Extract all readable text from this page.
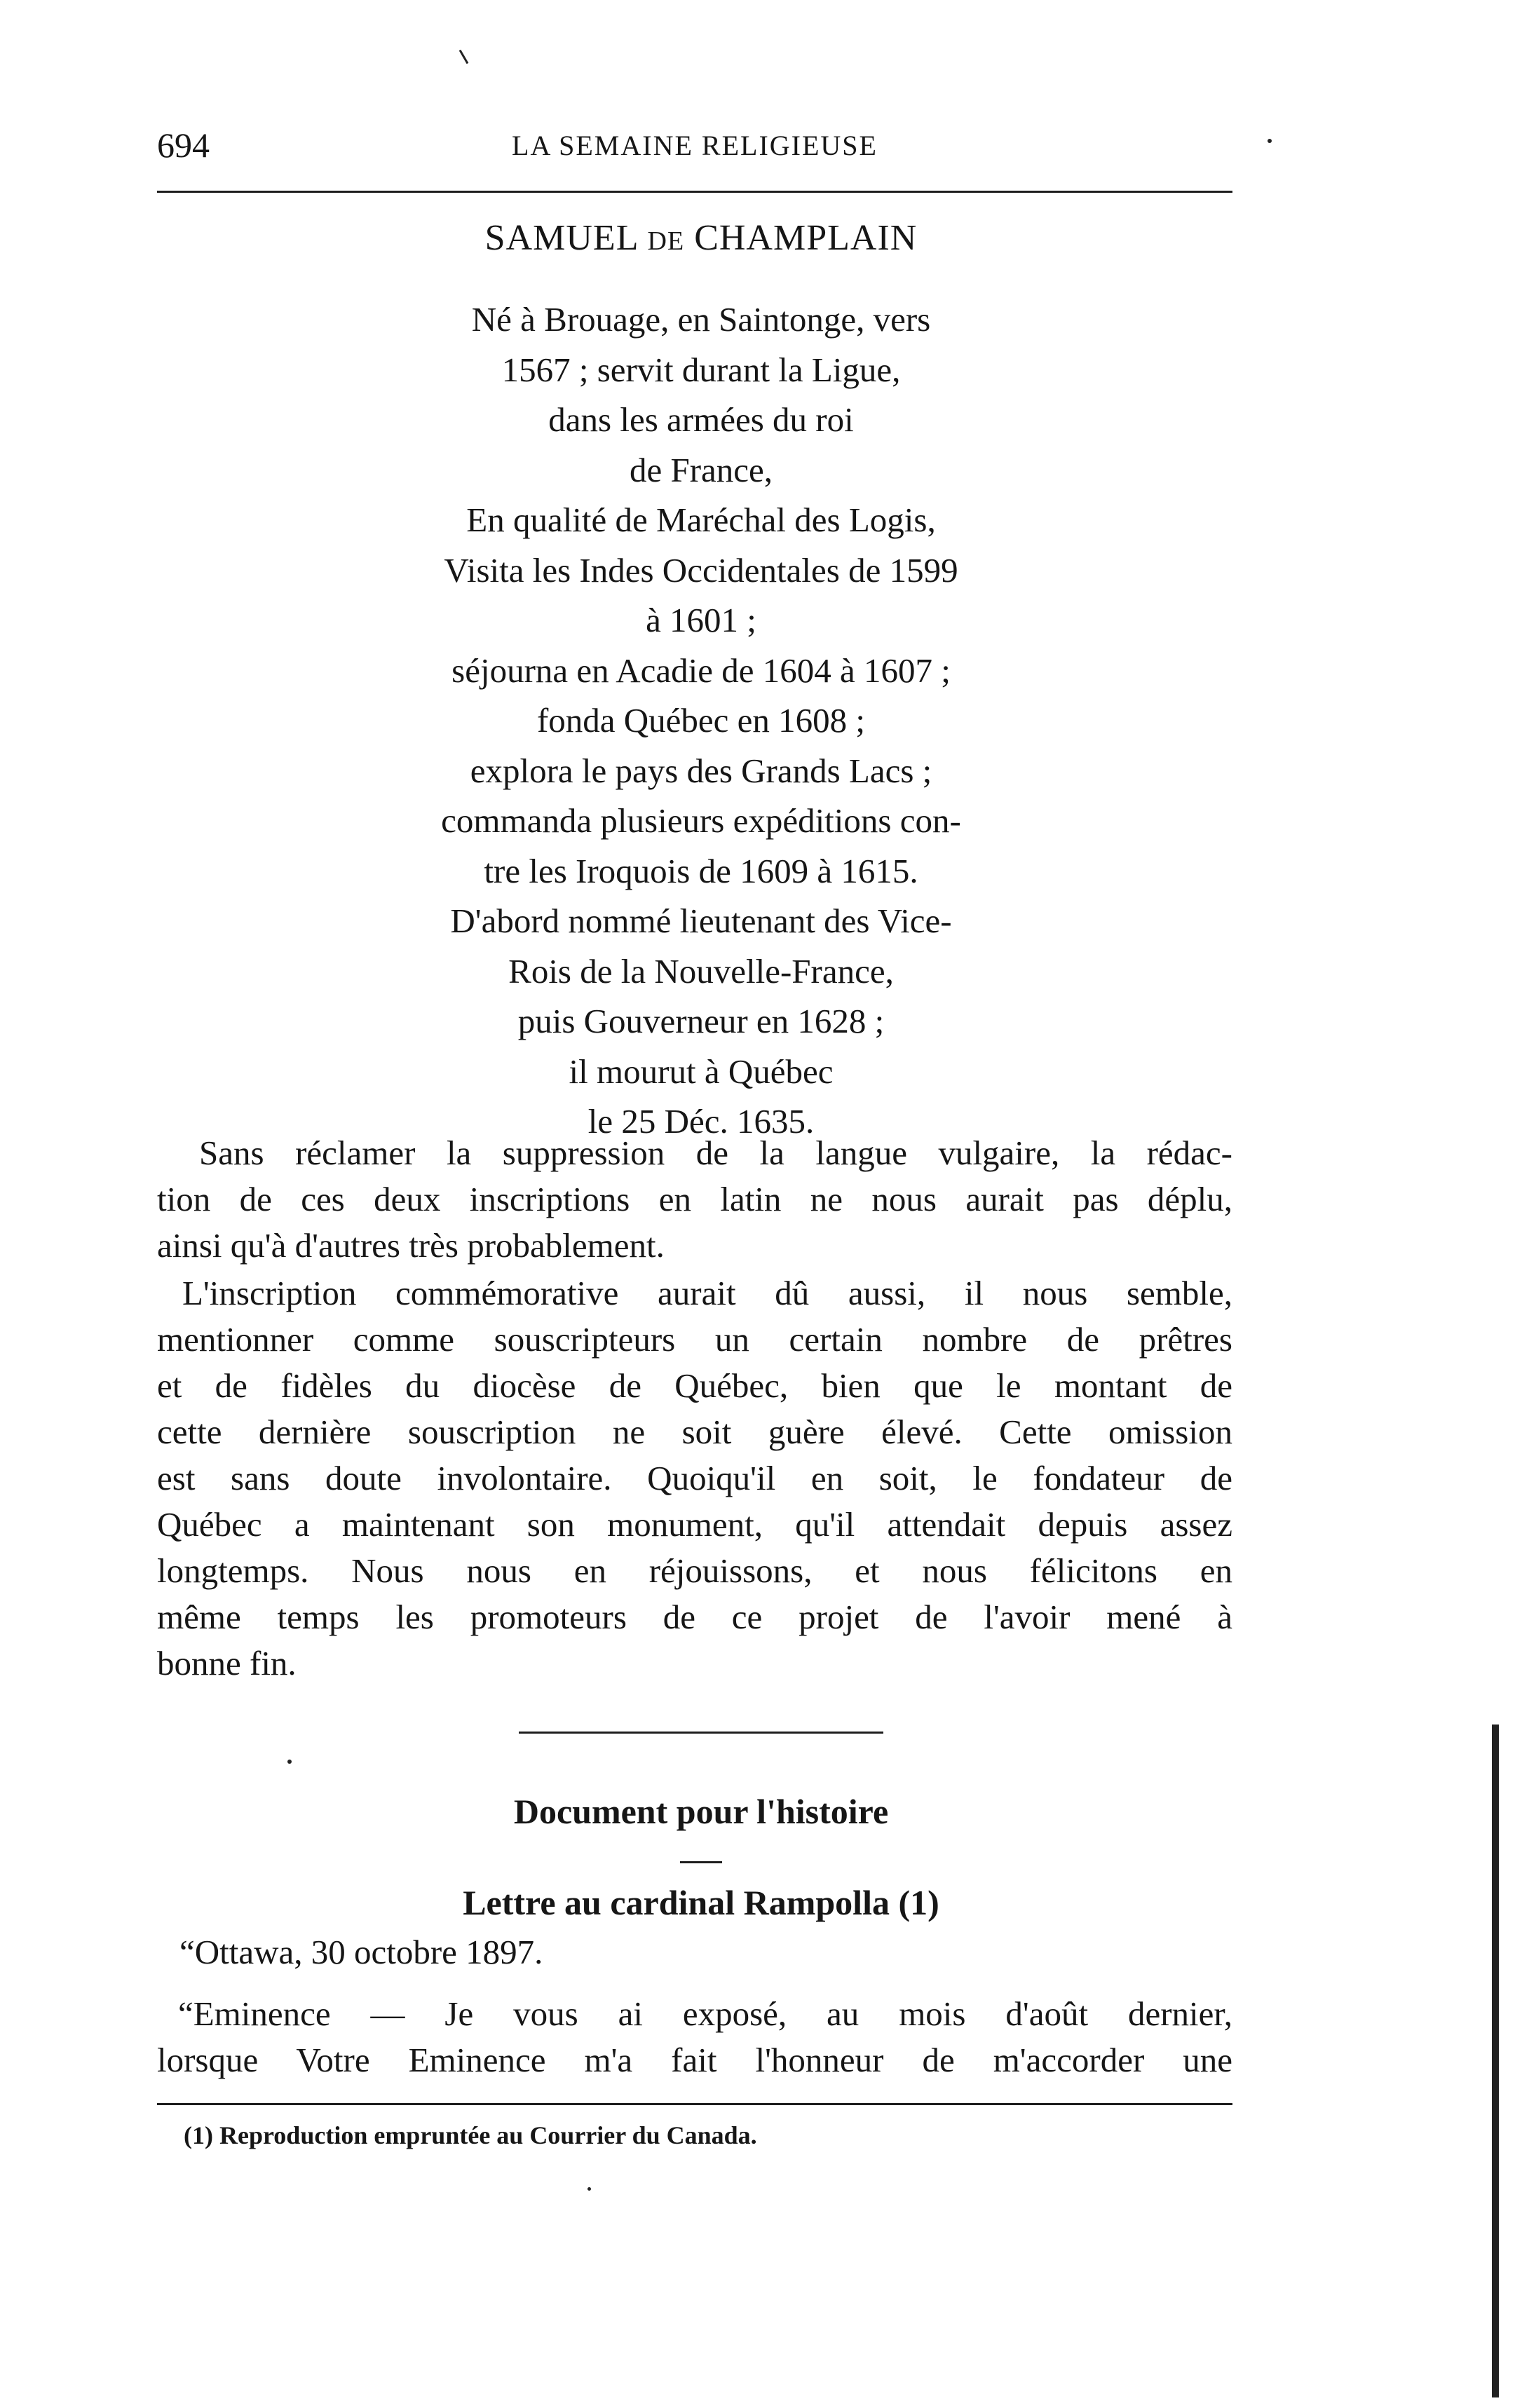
694	LA SEMAINE RELIGIEUSE
SAMUEL DE CHAMPLAIN
Né à Brouage, en Saintonge, vers
1567 ; servit durant la Ligue,
dans les armées du roi
de France,
En qualité de Maréchal des Logis,
Visita les Indes Occidentales de 1599
à 1601 ;
séjourna en Acadie de 1604 à 1607 ;
fonda Québec en 1608 ;
explora le pays des Grands Lacs ;
commanda plusieurs expéditions con-
tre les Iroquois de 1609 à 1615.
D'abord nommé lieutenant des Vice-
Rois de la Nouvelle-France,
puis Gouverneur en 1628 ;
il mourut à Québec
le 25 Déc. 1635.
Sans réclamer la suppression de la langue vulgaire, la rédac-
tion de ces deux inscriptions en latin ne nous aurait pas déplu,
ainsi qu'à d'autres très probablement.
L'inscription commémorative aurait dû aussi, il nous semble,
mentionner comme souscripteurs un certain nombre de prêtres
et de fidèles du diocèse de Québec, bien que le montant de
cette dernière souscription ne soit guère élevé. Cette omission
est sans doute involontaire. Quoiqu'il en soit, le fondateur de
Québec a maintenant son monument, qu'il attendait depuis assez
longtemps. Nous nous en réjouissons, et nous félicitons en
même temps les promoteurs de ce projet de l'avoir mené à
bonne fin.
Document pour l'histoire
Lettre au cardinal Rampolla (1)
“Ottawa, 30 octobre 1897.
“Eminence — Je vous ai exposé, au mois d'août dernier,
lorsque Votre Eminence m'a fait l'honneur de m'accorder une
(1) Reproduction empruntée au Courrier du Canada.
